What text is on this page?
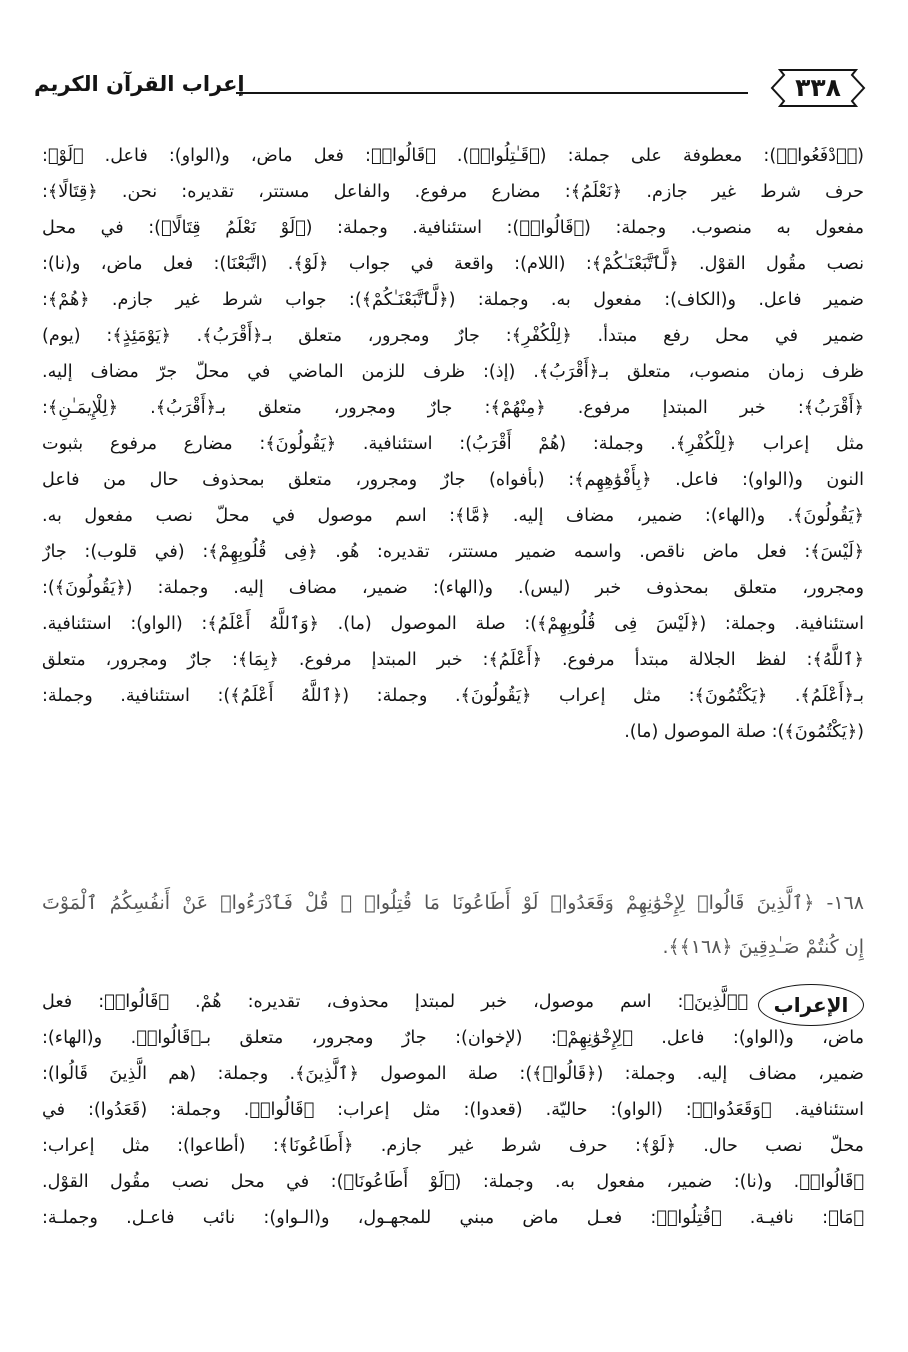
٣٣٨
إعراب القرآن الكريم
(﴿ٱدْفَعُوا۟﴾): معطوفة على جملة: (﴿قَـٰتِلُوا۟﴾). ﴿قَالُوا۟﴾: فعل ماض، و(الواو): فاعل. ﴿لَوْ﴾:
حرف شرط غير جازم. ﴿نَعْلَمُ﴾: مضارع مرفوع. والفاعل مستتر، تقديره: نحن. ﴿قِتَالًا﴾:
مفعول به منصوب. وجملة: (﴿قَالُوا۟﴾): استئنافية. وجملة: (﴿لَوْ نَعْلَمُ قِتَالًا﴾): في محل
نصب مقُول القوْل. ﴿لَّٱتَّبَعْنَـٰكُمْ﴾: (اللام): واقعة في جواب ﴿لَوْ﴾. (اتَّبَعْنَا): فعل ماض، و(نا):
ضمير فاعل. و(الكاف): مفعول به. وجملة: (﴿لَّٱتَّبَعْنَـٰكُمْ﴾): جواب شرط غير جازم. ﴿هُمْ﴾:
ضمير في محل رفع مبتدأ. ﴿لِلْكُفْرِ﴾: جارٌ ومجرور، متعلق بـ﴿أَقْرَبُ﴾. ﴿يَوْمَئِذٍ﴾: (يوم)
ظرف زمان منصوب، متعلق بـ﴿أَقْرَبُ﴾. (إذ): ظرف للزمن الماضي في محلّ جرّ مضاف إليه.
﴿أَقْرَبُ﴾: خبر المبتدإ مرفوع. ﴿مِنْهُمْ﴾: جارٌ ومجرور، متعلق بـ﴿أَقْرَبُ﴾. ﴿لِلْإِيمَـٰنِ﴾:
مثل إعراب ﴿لِلْكُفْرِ﴾. وجملة: (هُمْ أَقْرَبُ): استئنافية. ﴿يَقُولُونَ﴾: مضارع مرفوع بثبوت
النون و(الواو): فاعل. ﴿بِأَفْوَٰهِهِم﴾: (بأفواه) جارٌ ومجرور، متعلق بمحذوف حال من فاعل
﴿يَقُولُونَ﴾. و(الهاء): ضمير، مضاف إليه. ﴿مَّا﴾: اسم موصول في محلّ نصب مفعول به.
﴿لَيْسَ﴾: فعل ماض ناقص. واسمه ضمير مستتر، تقديره: هُو. ﴿فِى قُلُوبِهِمْ﴾: (في قلوب): جارٌ
ومجرور، متعلق بمحذوف خبر (ليس). و(الهاء): ضمير، مضاف إليه. وجملة: (﴿يَقُولُونَ﴾):
استئنافية. وجملة: (﴿لَيْسَ فِى قُلُوبِهِمْ﴾): صلة الموصول (ما). ﴿وَٱللَّهُ أَعْلَمُ﴾: (الواو): استئنافية.
﴿ٱللَّهُ﴾: لفظ الجلالة مبتدأ مرفوع. ﴿أَعْلَمُ﴾: خبر المبتدإ مرفوع. ﴿بِمَا﴾: جارٌ ومجرور، متعلق
بـ﴿أَعْلَمُ﴾. ﴿يَكْتُمُونَ﴾: مثل إعراب ﴿يَقُولُونَ﴾. وجملة: (﴿ٱللَّهُ أَعْلَمُ﴾): استئنافية. وجملة:
(﴿يَكْتُمُونَ﴾): صلة الموصول (ما).
١٦٨- ﴿ٱلَّذِينَ قَالُوا۟ لِإِخْوَٰنِهِمْ وَقَعَدُوا۟ لَوْ أَطَاعُونَا مَا قُتِلُوا۟ ۗ قُلْ فَٱدْرَءُوا۟ عَنْ أَنفُسِكُمُ ٱلْمَوْتَ
إِن كُنتُمْ صَـٰدِقِينَ ﴿١٦٨﴾﴾.
الإعراب
﴿ٱلَّذِينَ﴾: اسم موصول، خبر لمبتدإ محذوف، تقديره: هُمْ. ﴿قَالُوا۟﴾: فعل
ماض، و(الواو): فاعل. ﴿لِإِخْوَٰنِهِمْ﴾: (لإخوان): جارٌ ومجرور، متعلق بـ﴿قَالُوا۟﴾. و(الهاء):
ضمير، مضاف إليه. وجملة: (﴿قَالُوا۟﴾): صلة الموصول ﴿ٱلَّذِينَ﴾. وجملة: (هم الَّذِينَ قَالُوا):
استئنافية. ﴿وَقَعَدُوا۟﴾: (الواو): حاليّة. (قعدوا): مثل إعراب: ﴿قَالُوا۟﴾. وجملة: (قَعَدُوا): في
محلّ نصب حال. ﴿لَوْ﴾: حرف شرط غير جازم. ﴿أَطَاعُونَا﴾: (أطاعوا): مثل إعراب:
﴿قَالُوا۟﴾. و(نا): ضمير، مفعول به. وجملة: (﴿لَوْ أَطَاعُونَا﴾): في محل نصب مقُول القوْل.
﴿مَا﴾: نافيـة. ﴿قُتِلُوا۟﴾: فعـل ماض مبني للمجهـول، و(الـواو): نائب فاعـل. وجملـة:
